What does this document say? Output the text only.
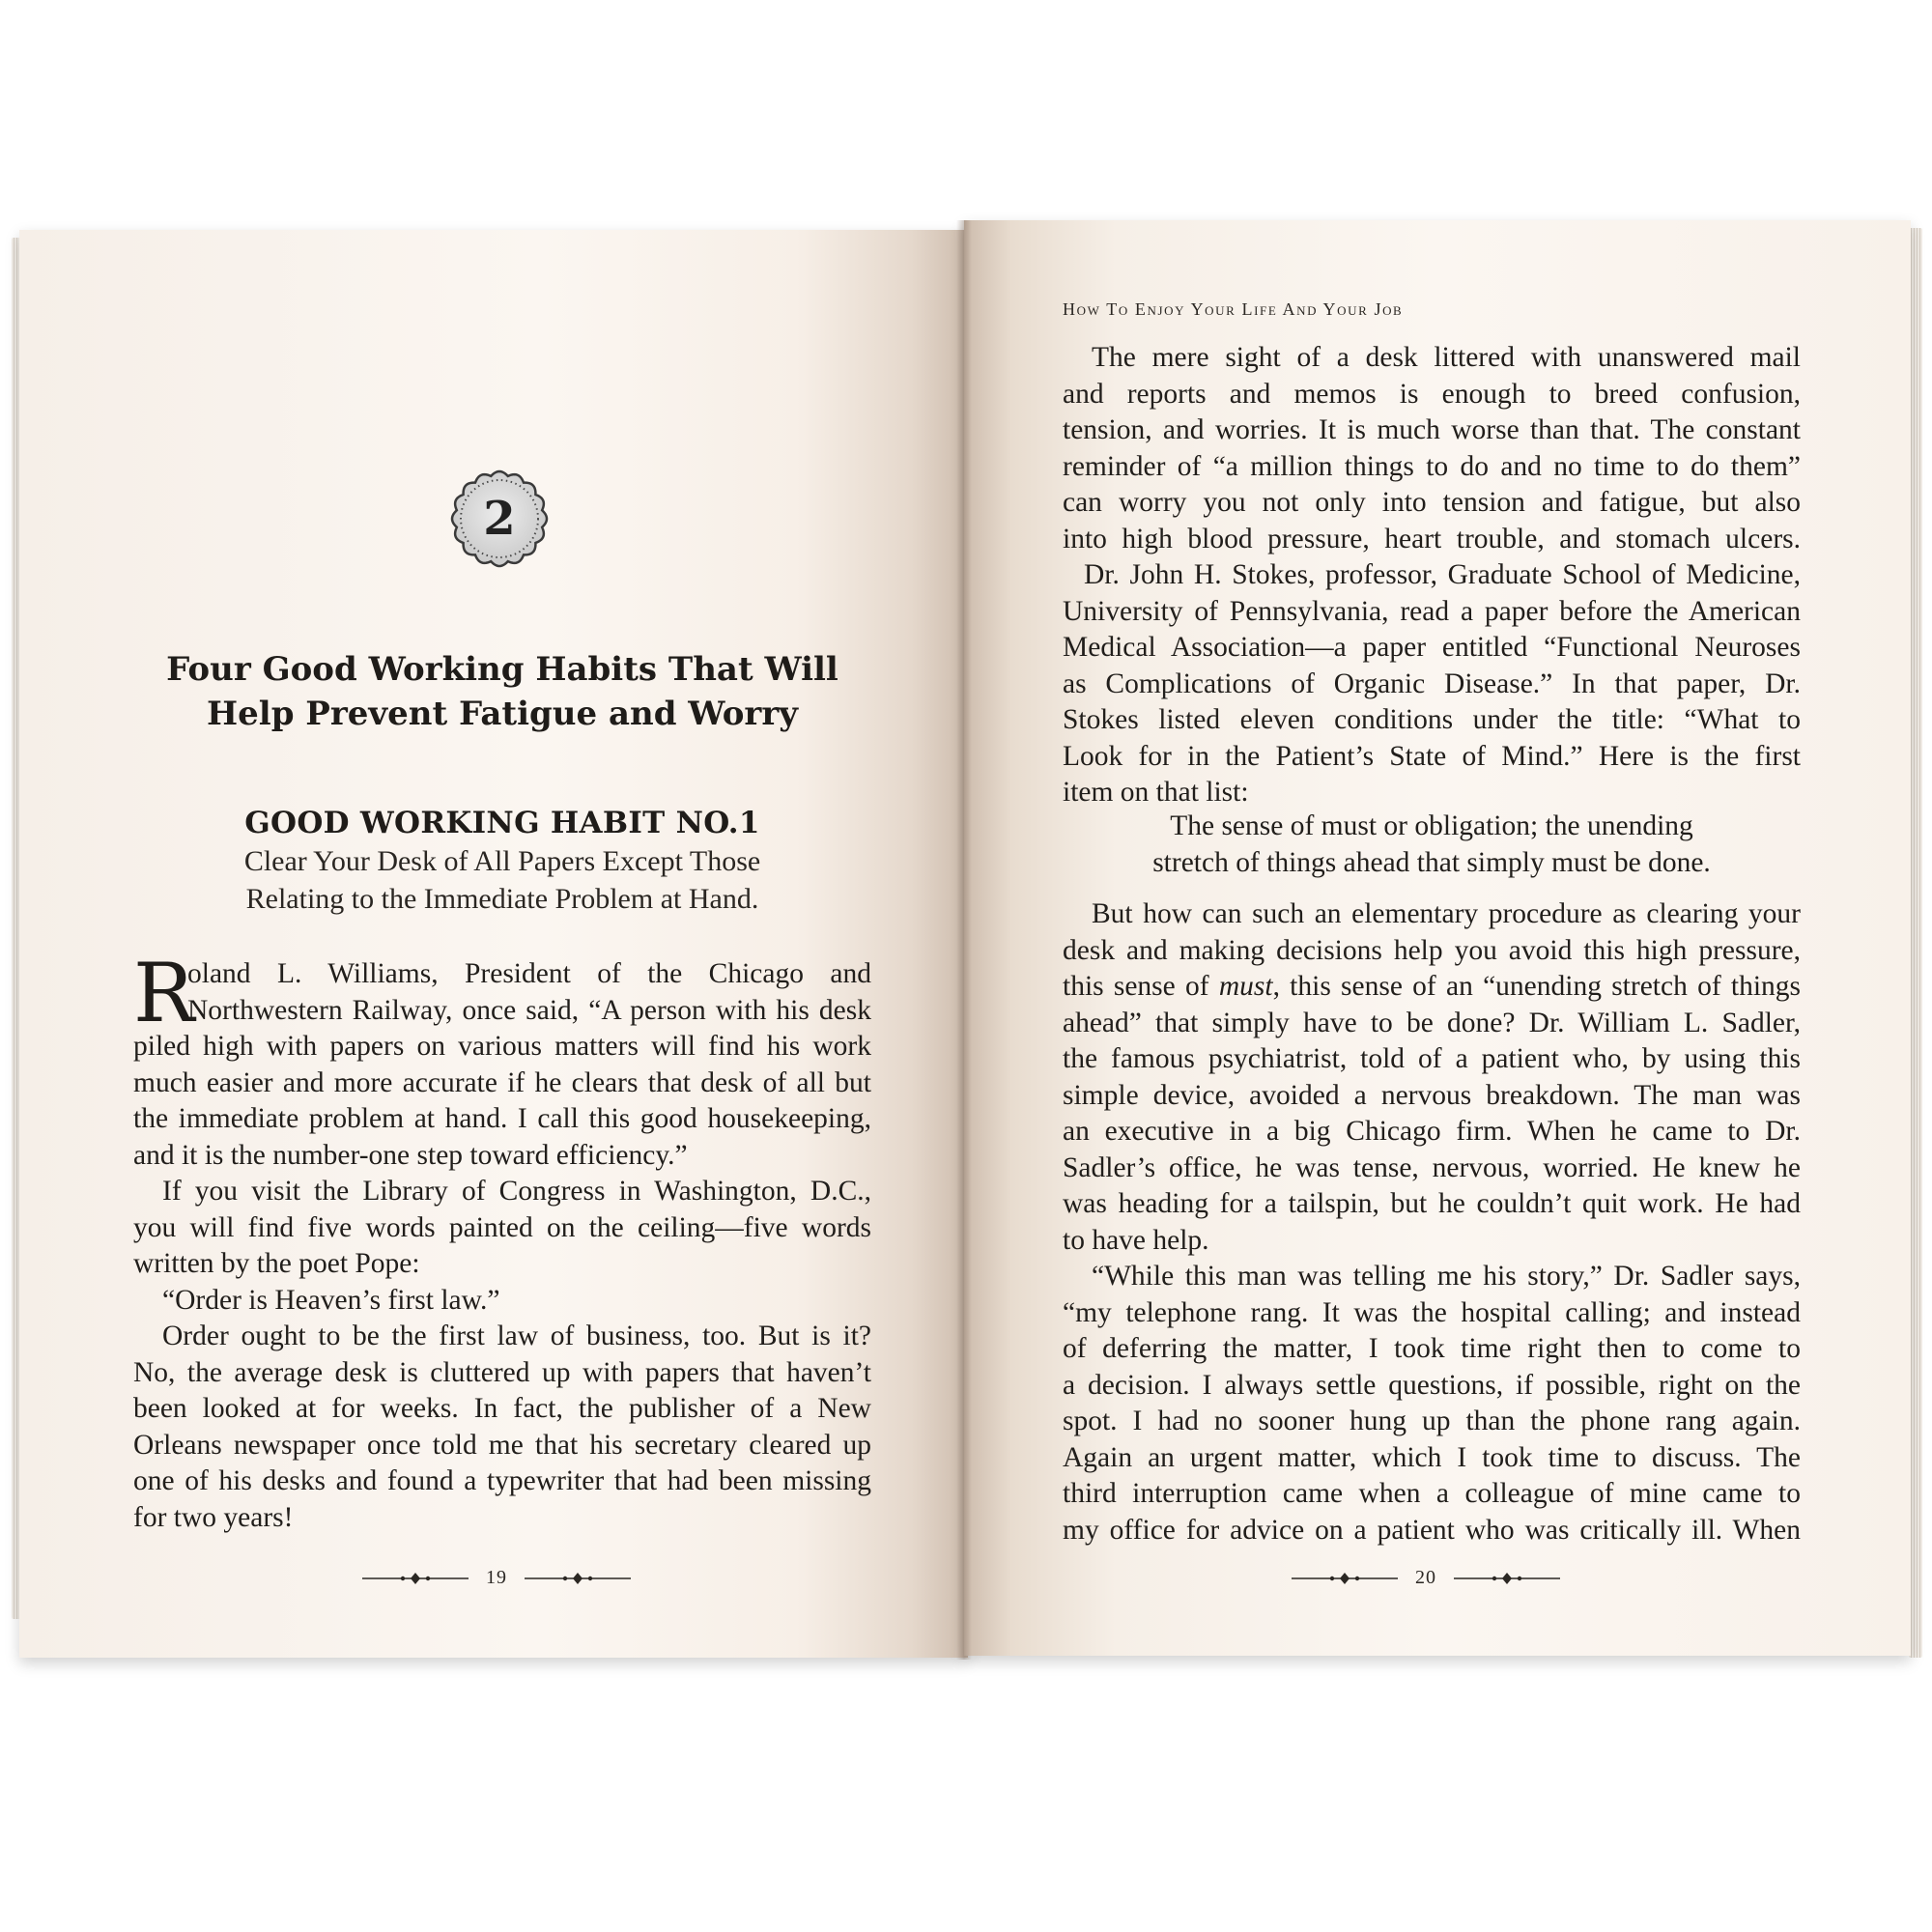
2
Four Good Working Habits That Will
Help Prevent Fatigue and Worry
GOOD WORKING HABIT NO.1
Clear Your Desk of All Papers Except Those
Relating to the Immediate Problem at Hand.
R
oland L. Williams, President of the Chicago and
Northwestern Railway, once said, “A person with his desk
piled high with papers on various matters will find his work
much easier and more accurate if he clears that desk of all but
the immediate problem at hand. I call this good housekeeping,
and it is the number-one step toward efficiency.”
If you visit the Library of Congress in Washington, D.C.,
you will find five words painted on the ceiling—five words
written by the poet Pope:
“Order is Heaven’s first law.”
Order ought to be the first law of business, too. But is it?
No, the average desk is cluttered up with papers that haven’t
been looked at for weeks. In fact, the publisher of a New
Orleans newspaper once told me that his secretary cleared up
one of his desks and found a typewriter that had been missing
for two years!
19
How To Enjoy Your Life And Your Job
The mere sight of a desk littered with unanswered mail
and reports and memos is enough to breed confusion,
tension, and worries. It is much worse than that. The constant
reminder of “a million things to do and no time to do them”
can worry you not only into tension and fatigue, but also
into high blood pressure, heart trouble, and stomach ulcers.
Dr. John H. Stokes, professor, Graduate School of Medicine,
University of Pennsylvania, read a paper before the American
Medical Association—a paper entitled “Functional Neuroses
as Complications of Organic Disease.” In that paper, Dr.
Stokes listed eleven conditions under the title: “What to
Look for in the Patient’s State of Mind.” Here is the first
item on that list:
The sense of must or obligation; the unending
stretch of things ahead that simply must be done.
But how can such an elementary procedure as clearing your
desk and making decisions help you avoid this high pressure,
this sense of must, this sense of an “unending stretch of things
ahead” that simply have to be done? Dr. William L. Sadler,
the famous psychiatrist, told of a patient who, by using this
simple device, avoided a nervous breakdown. The man was
an executive in a big Chicago firm. When he came to Dr.
Sadler’s office, he was tense, nervous, worried. He knew he
was heading for a tailspin, but he couldn’t quit work. He had
to have help.
“While this man was telling me his story,” Dr. Sadler says,
“my telephone rang. It was the hospital calling; and instead
of deferring the matter, I took time right then to come to
a decision. I always settle questions, if possible, right on the
spot. I had no sooner hung up than the phone rang again.
Again an urgent matter, which I took time to discuss. The
third interruption came when a colleague of mine came to
my office for advice on a patient who was critically ill. When
20
